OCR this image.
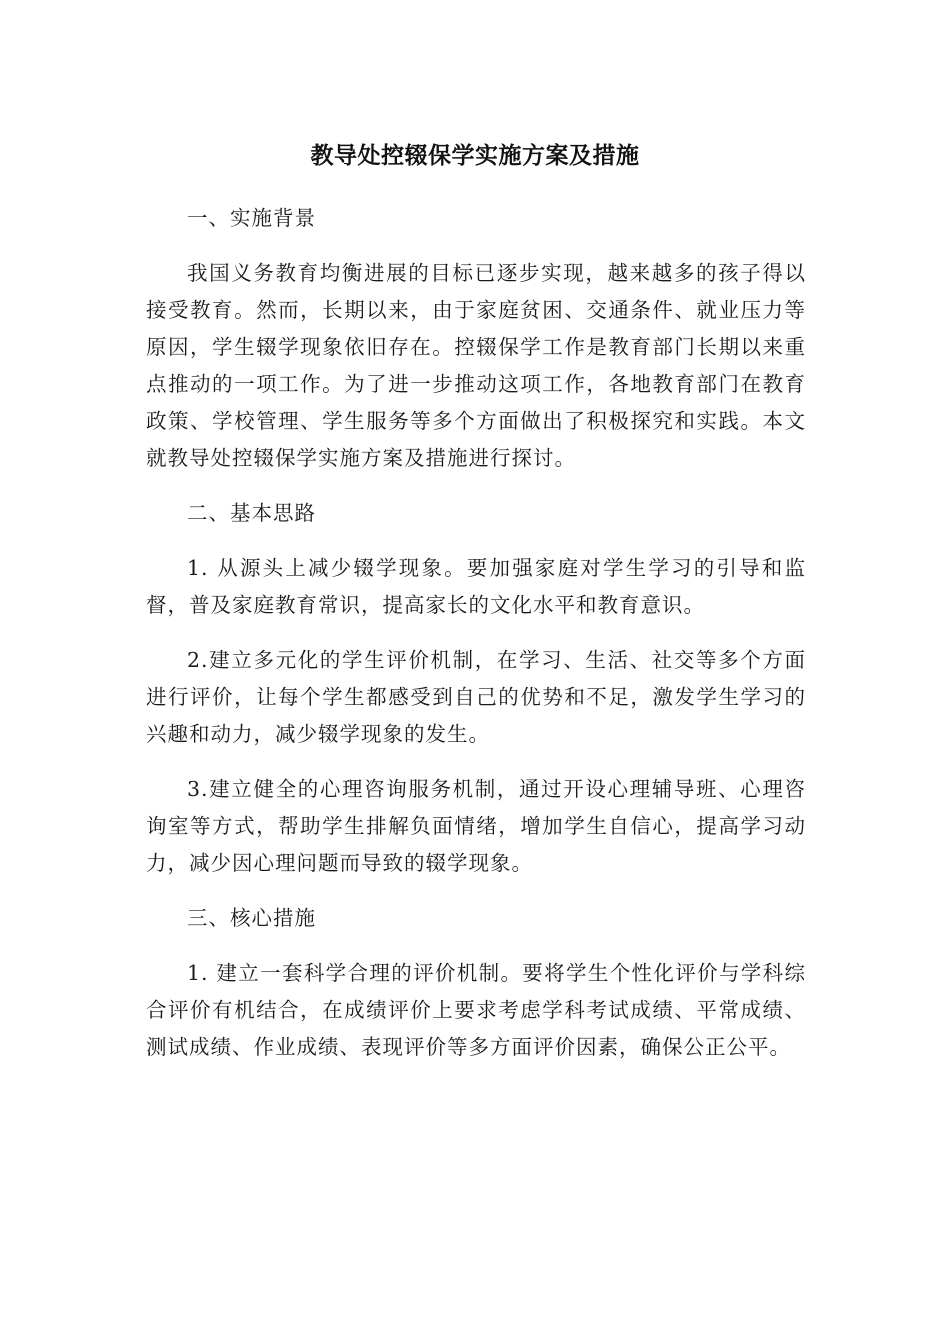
教导处控辍保学实施方案及措施

一、实施背景

我国义务教育均衡进展的目标已逐步实现，越来越多的孩子得以接受教育。然而，长期以来，由于家庭贫困、交通条件、就业压力等原因，学生辍学现象依旧存在。控辍保学工作是教育部门长期以来重点推动的一项工作。为了进一步推动这项工作，各地教育部门在教育政策、学校管理、学生服务等多个方面做出了积极探究和实践。本文就教导处控辍保学实施方案及措施进行探讨。

二、基本思路

1. 从源头上减少辍学现象。要加强家庭对学生学习的引导和监督，普及家庭教育常识，提高家长的文化水平和教育意识。

2.建立多元化的学生评价机制，在学习、生活、社交等多个方面进行评价，让每个学生都感受到自己的优势和不足，激发学生学习的兴趣和动力，减少辍学现象的发生。

3.建立健全的心理咨询服务机制，通过开设心理辅导班、心理咨询室等方式，帮助学生排解负面情绪，增加学生自信心，提高学习动力，减少因心理问题而导致的辍学现象。

三、核心措施

1. 建立一套科学合理的评价机制。要将学生个性化评价与学科综合评价有机结合，在成绩评价上要求考虑学科考试成绩、平常成绩、测试成绩、作业成绩、表现评价等多方面评价因素，确保公正公平。
